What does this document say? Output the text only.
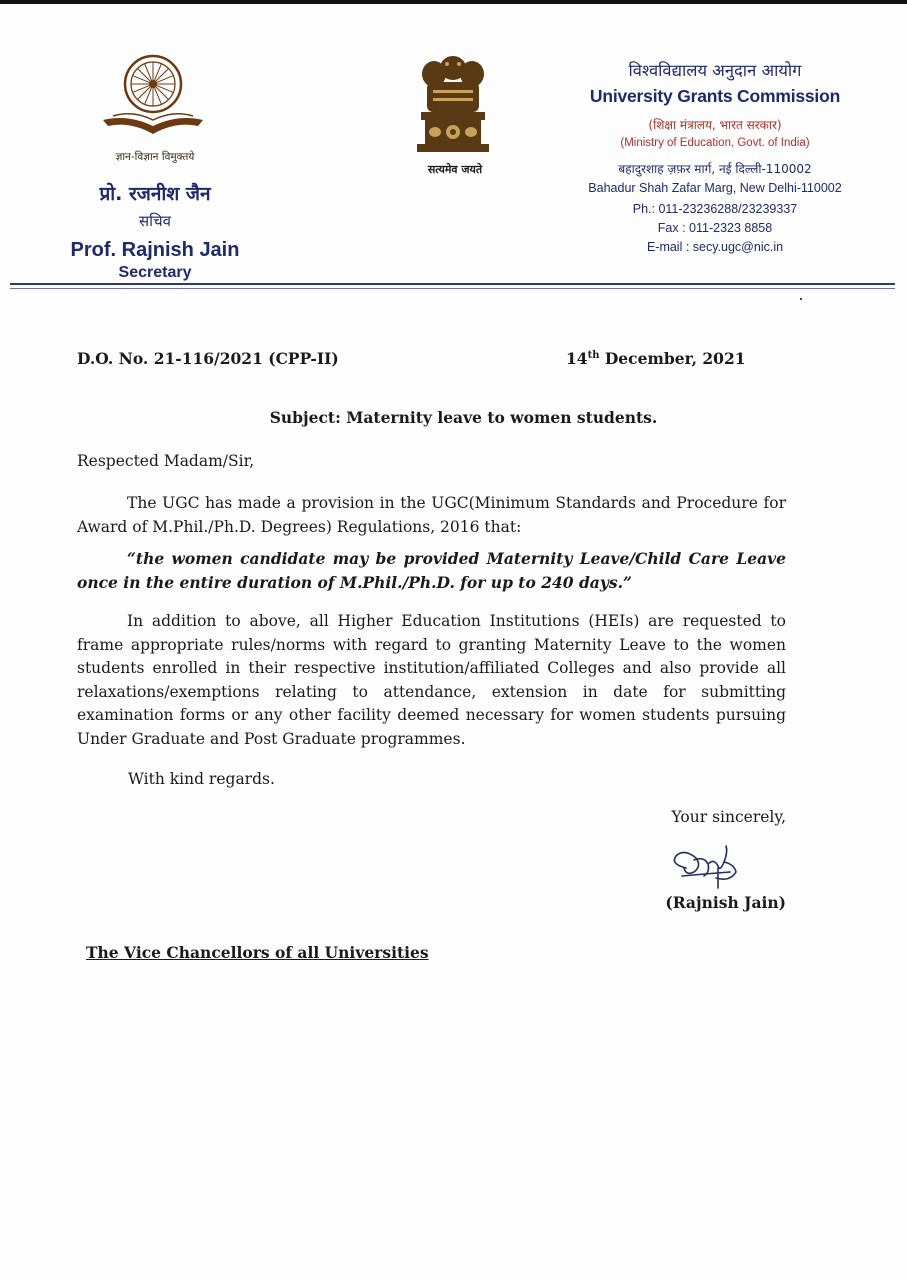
ज्ञान-विज्ञान विमुक्तये
प्रो. रजनीश जैन
सचिव
Prof. Rajnish Jain
Secretary
सत्यमेव जयते
विश्वविद्यालय अनुदान आयोग
University Grants Commission
(शिक्षा मंत्रालय, भारत सरकार)
(Ministry of Education, Govt. of India)
बहादुरशाह ज़फ़र मार्ग, नई दिल्ली-110002
Bahadur Shah Zafar Marg, New Delhi-110002
Ph.: 011-23236288/23239337
Fax : 011-2323 8858
E-mail : secy.ugc@nic.in
D.O. No. 21-116/2021 (CPP-II)	14th December, 2021
Subject: Maternity leave to women students.
Respected Madam/Sir,
The UGC has made a provision in the UGC(Minimum Standards and Procedure for Award of M.Phil./Ph.D. Degrees) Regulations, 2016 that:
“the women candidate may be provided Maternity Leave/Child Care Leave once in the entire duration of M.Phil./Ph.D. for up to 240 days.”
In addition to above, all Higher Education Institutions (HEIs) are requested to frame appropriate rules/norms with regard to granting Maternity Leave to the women students enrolled in their respective institution/affiliated Colleges and also provide all relaxations/exemptions relating to attendance, extension in date for submitting examination forms or any other facility deemed necessary for women students pursuing Under Graduate and Post Graduate programmes.
With kind regards.
Your sincerely,
(Rajnish Jain)
The Vice Chancellors of all Universities
